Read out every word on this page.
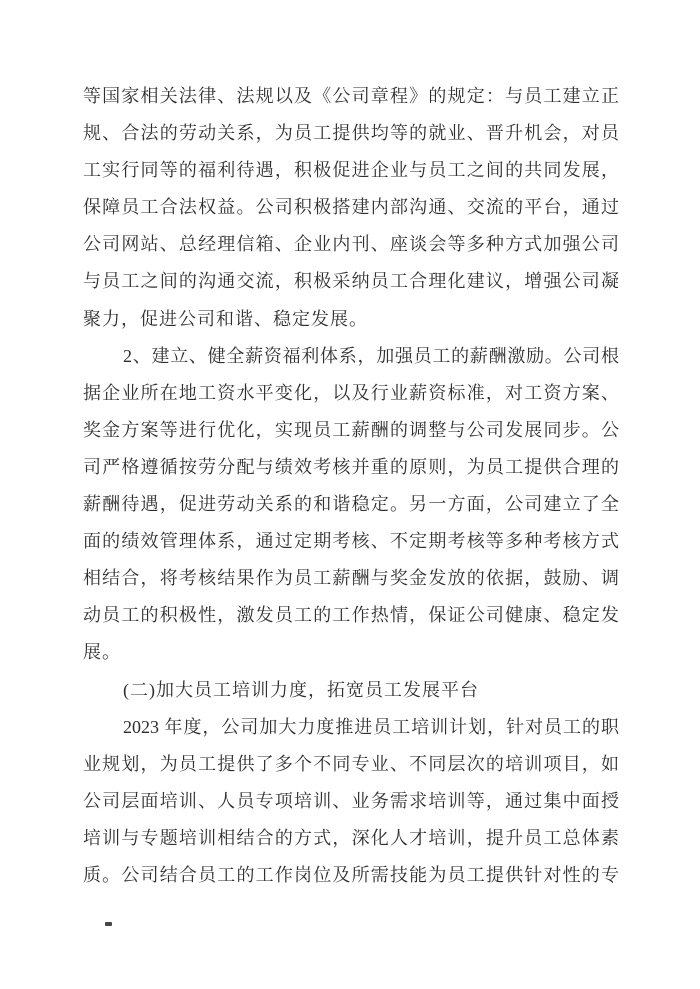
等国家相关法律、法规以及《公司章程》的规定：与员工建立正
规、合法的劳动关系，为员工提供均等的就业、晋升机会，对员
工实行同等的福利待遇，积极促进企业与员工之间的共同发展，
保障员工合法权益。公司积极搭建内部沟通、交流的平台，通过
公司网站、总经理信箱、企业内刊、座谈会等多种方式加强公司
与员工之间的沟通交流，积极采纳员工合理化建议，增强公司凝
聚力，促进公司和谐、稳定发展。
2、建立、健全薪资福利体系，加强员工的薪酬激励。公司根
据企业所在地工资水平变化，以及行业薪资标准，对工资方案、
奖金方案等进行优化，实现员工薪酬的调整与公司发展同步。公
司严格遵循按劳分配与绩效考核并重的原则，为员工提供合理的
薪酬待遇，促进劳动关系的和谐稳定。另一方面，公司建立了全
面的绩效管理体系，通过定期考核、不定期考核等多种考核方式
相结合，将考核结果作为员工薪酬与奖金发放的依据，鼓励、调
动员工的积极性，激发员工的工作热情，保证公司健康、稳定发
展。
(二)加大员工培训力度，拓宽员工发展平台
2023 年度，公司加大力度推进员工培训计划，针对员工的职
业规划，为员工提供了多个不同专业、不同层次的培训项目，如
公司层面培训、人员专项培训、业务需求培训等，通过集中面授
培训与专题培训相结合的方式，深化人才培训，提升员工总体素
质。公司结合员工的工作岗位及所需技能为员工提供针对性的专
